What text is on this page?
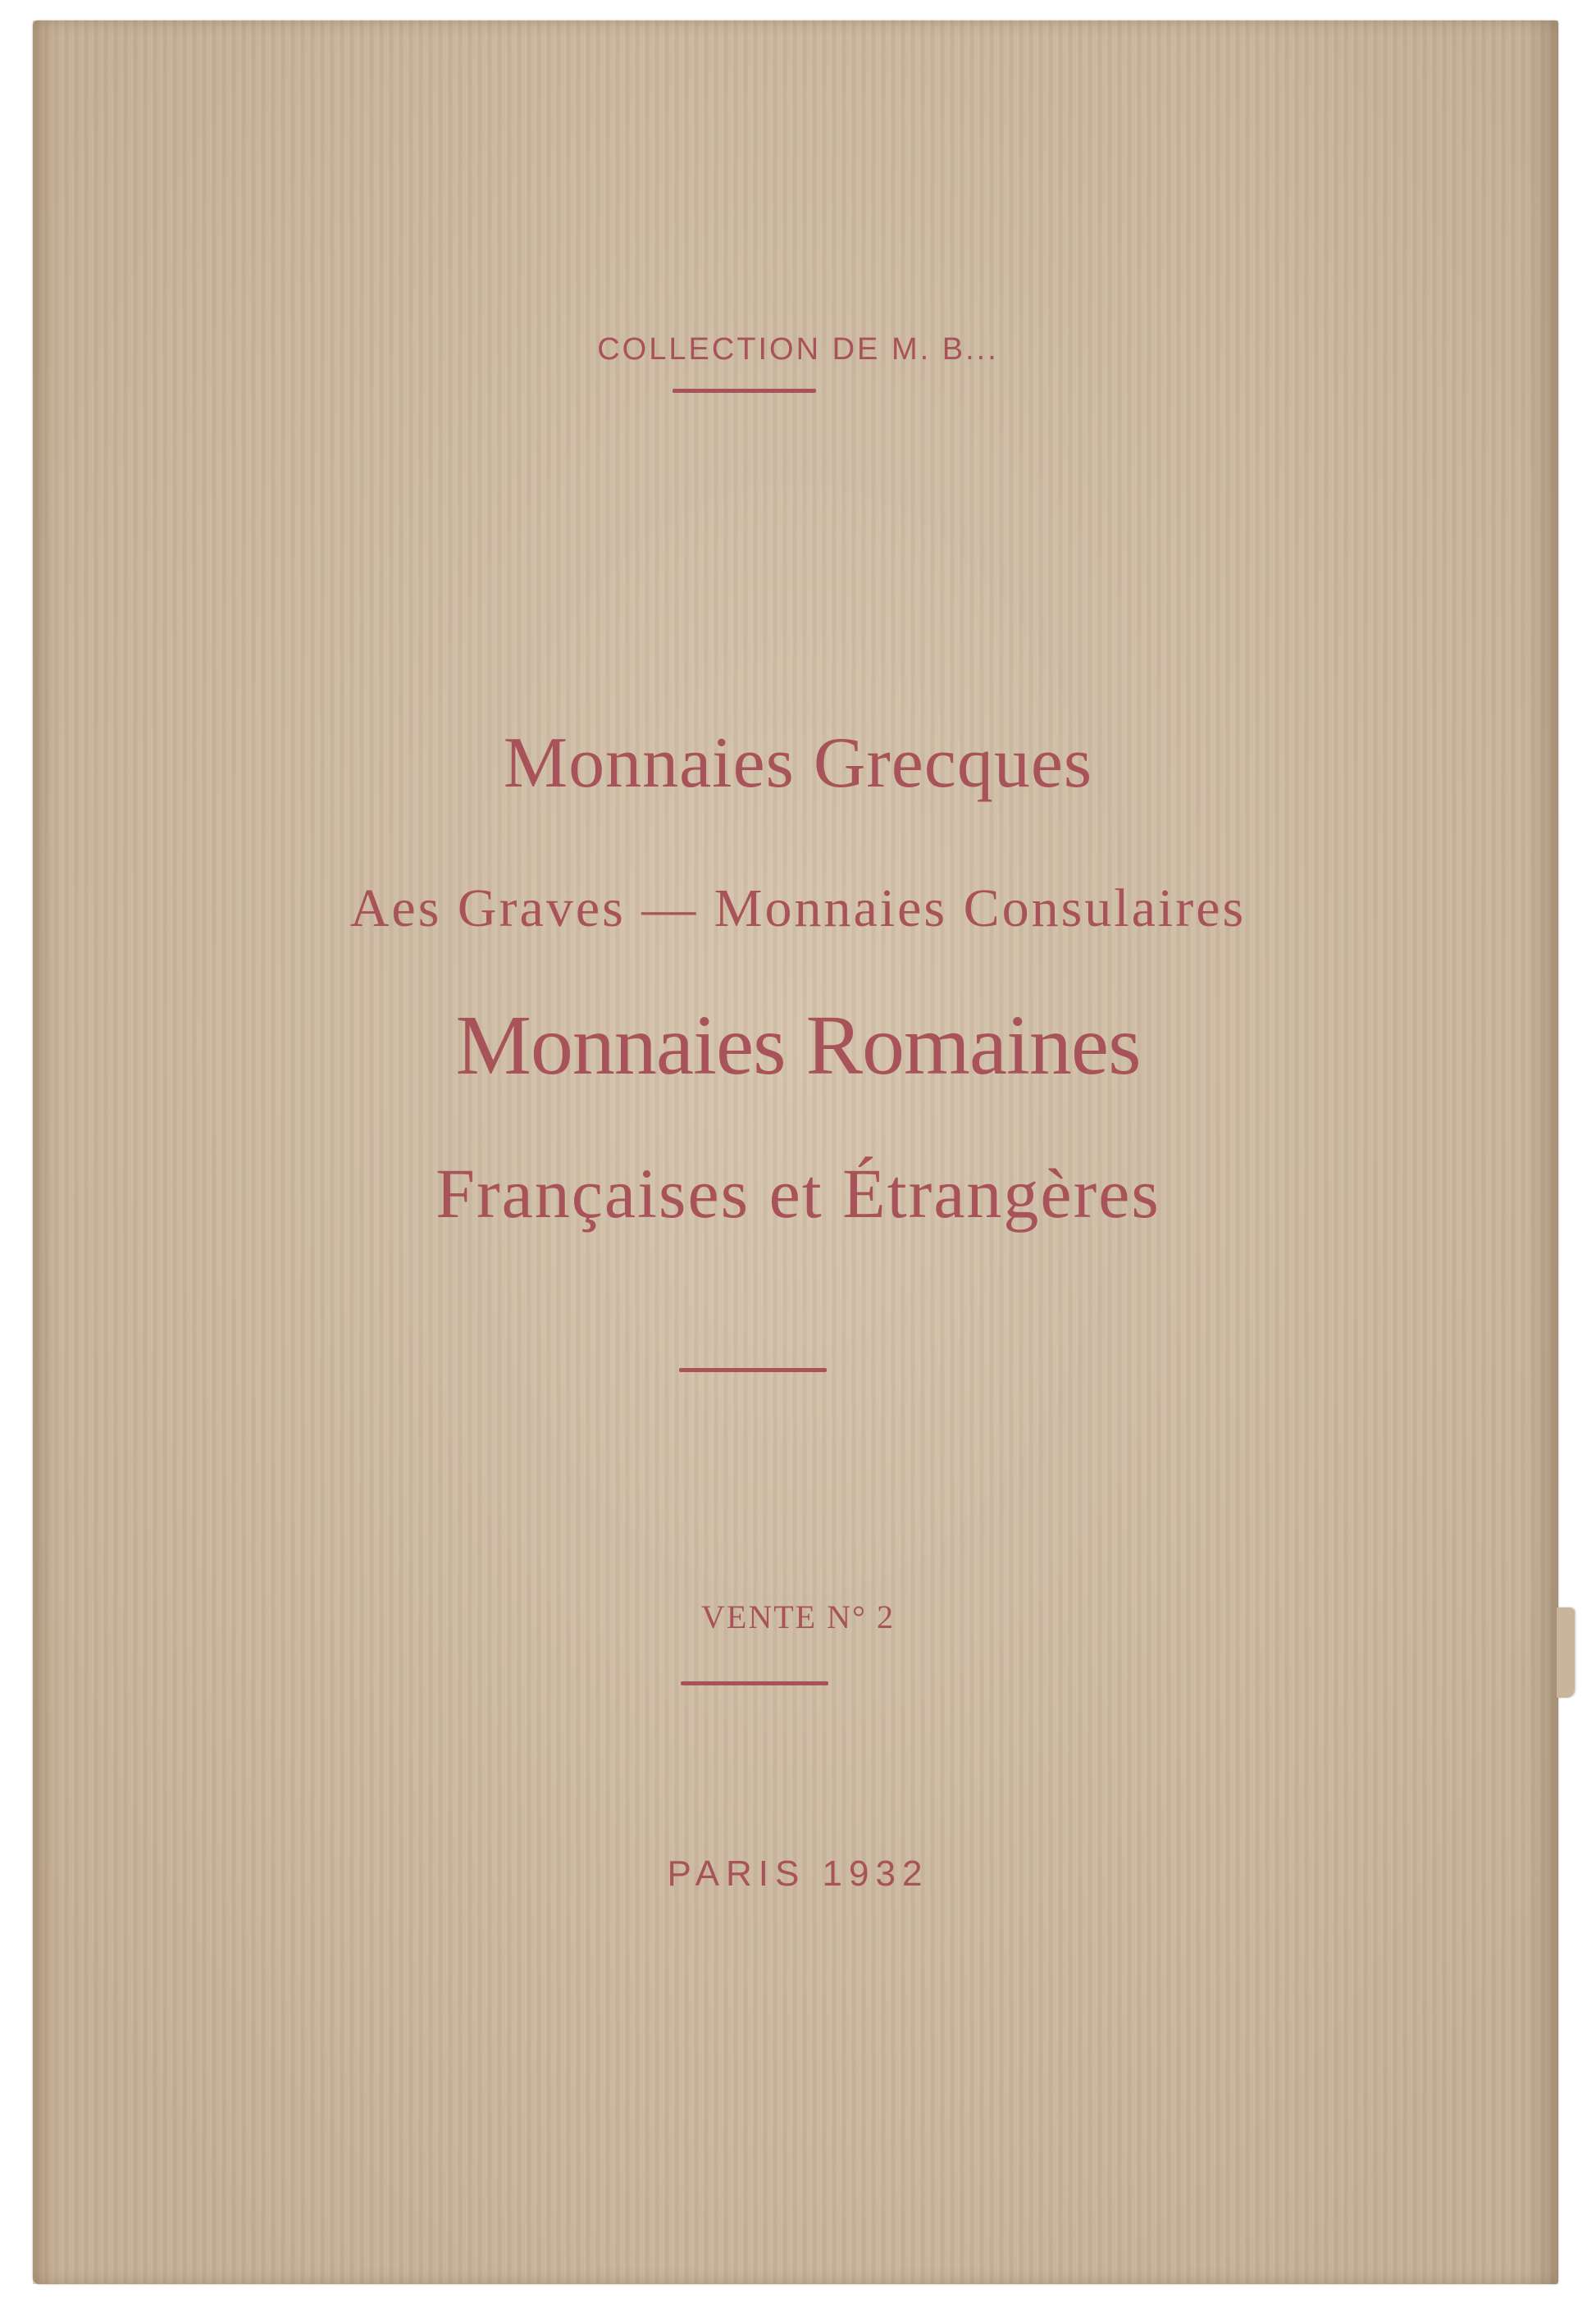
COLLECTION DE M. B...
Monnaies Grecques
Aes Graves — Monnaies Consulaires
Monnaies Romaines
Françaises et Étrangères
VENTE N° 2
PARIS 1932
